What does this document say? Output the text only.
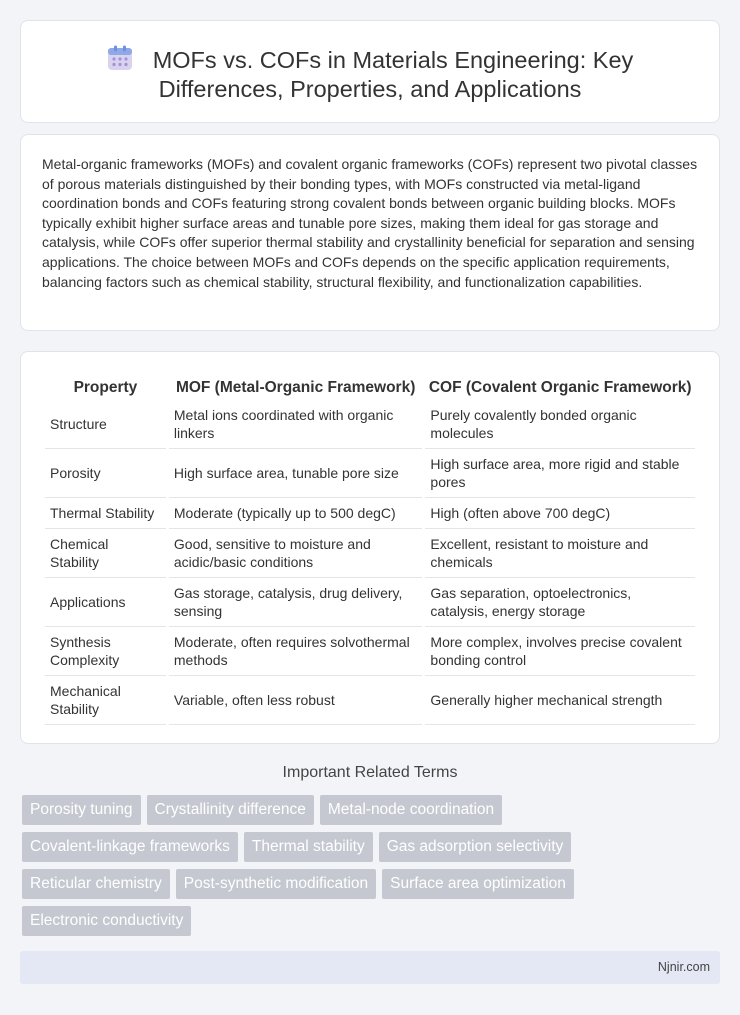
MOFs vs. COFs in Materials Engineering: Key Differences, Properties, and Applications

Metal-organic frameworks (MOFs) and covalent organic frameworks (COFs) represent two pivotal classes of porous materials distinguished by their bonding types, with MOFs constructed via metal-ligand coordination bonds and COFs featuring strong covalent bonds between organic building blocks. MOFs typically exhibit higher surface areas and tunable pore sizes, making them ideal for gas storage and catalysis, while COFs offer superior thermal stability and crystallinity beneficial for separation and sensing applications. The choice between MOFs and COFs depends on the specific application requirements, balancing factors such as chemical stability, structural flexibility, and functionalization capabilities.

Property	MOF (Metal-Organic Framework)	COF (Covalent Organic Framework)
Structure	Metal ions coordinated with organic linkers	Purely covalently bonded organic molecules
Porosity	High surface area, tunable pore size	High surface area, more rigid and stable pores
Thermal Stability	Moderate (typically up to 500 degC)	High (often above 700 degC)
Chemical Stability	Good, sensitive to moisture and acidic/basic conditions	Excellent, resistant to moisture and chemicals
Applications	Gas storage, catalysis, drug delivery, sensing	Gas separation, optoelectronics, catalysis, energy storage
Synthesis Complexity	Moderate, often requires solvothermal methods	More complex, involves precise covalent bonding control
Mechanical Stability	Variable, often less robust	Generally higher mechanical strength
Important Related Terms
Porosity tuning	Crystallinity difference	Metal-node coordination
Covalent-linkage frameworks	Thermal stability	Gas adsorption selectivity
Reticular chemistry	Post-synthetic modification	Surface area optimization
Electronic conductivity
Njnir.com
